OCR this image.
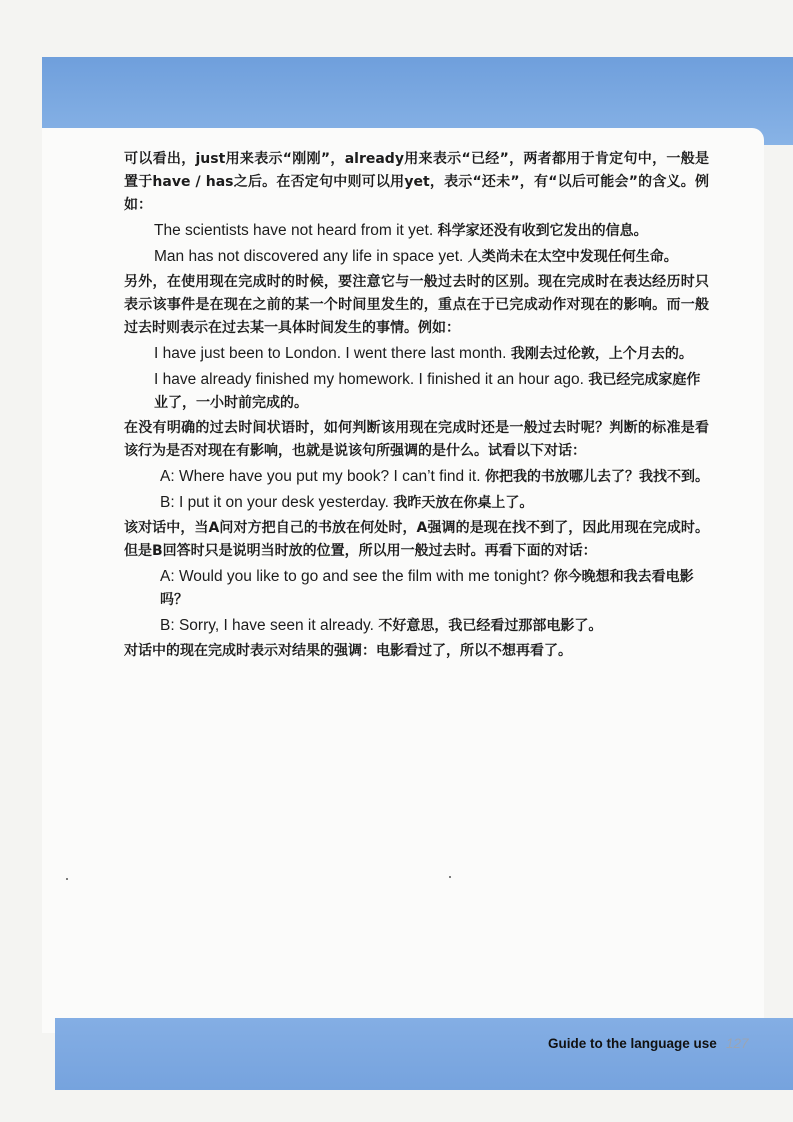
可以看出，just用来表示“刚刚”，already用来表示“已经”，两者都用于肯定句中，一般是置于have / has之后。在否定句中则可以用yet，表示“还未”，有“以后可能会”的含义。例如：

The scientists have not heard from it yet. 科学家还没有收到它发出的信息。

Man has not discovered any life in space yet. 人类尚未在太空中发现任何生命。

另外，在使用现在完成时的时候，要注意它与一般过去时的区别。现在完成时在表达经历时只表示该事件是在现在之前的某一个时间里发生的，重点在于已完成动作对现在的影响。而一般过去时则表示在过去某一具体时间发生的事情。例如：

I have just been to London. I went there last month. 我刚去过伦敦，上个月去的。

I have already finished my homework. I finished it an hour ago. 我已经完成家庭作业了，一小时前完成的。

在没有明确的过去时间状语时，如何判断该用现在完成时还是一般过去时呢？判断的标准是看该行为是否对现在有影响，也就是说该句所强调的是什么。试看以下对话：

A: Where have you put my book? I can’t find it. 你把我的书放哪儿去了？我找不到。

B: I put it on your desk yesterday. 我昨天放在你桌上了。

该对话中，当A问对方把自己的书放在何处时，A强调的是现在找不到了，因此用现在完成时。但是B回答时只是说明当时放的位置，所以用一般过去时。再看下面的对话：

A: Would you like to go and see the film with me tonight? 你今晚想和我去看电影吗？

B: Sorry, I have seen it already. 不好意思，我已经看过那部电影了。

对话中的现在完成时表示对结果的强调：电影看过了，所以不想再看了。

Guide to the language use 127
